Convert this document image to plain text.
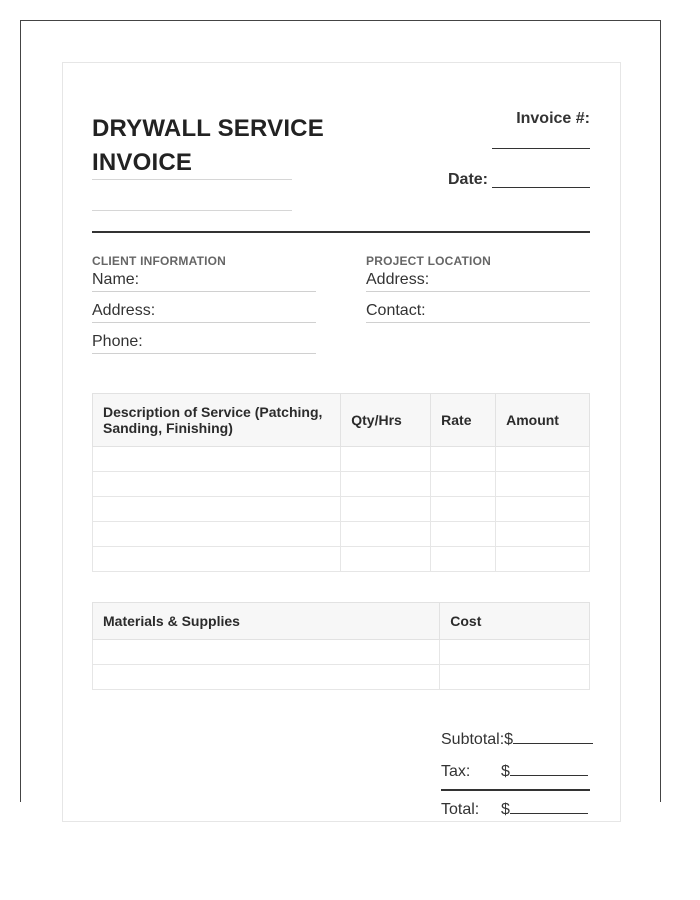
DRYWALL SERVICE INVOICE
Invoice #:
Date:
CLIENT INFORMATION
Name:
Address:
Phone:
PROJECT LOCATION
Address:
Contact:
Description of Service (Patching, Sanding, Finishing)	Qty/Hrs	Rate	Amount

Materials & Supplies	Cost

Subtotal:$
Tax: $
Total: $
